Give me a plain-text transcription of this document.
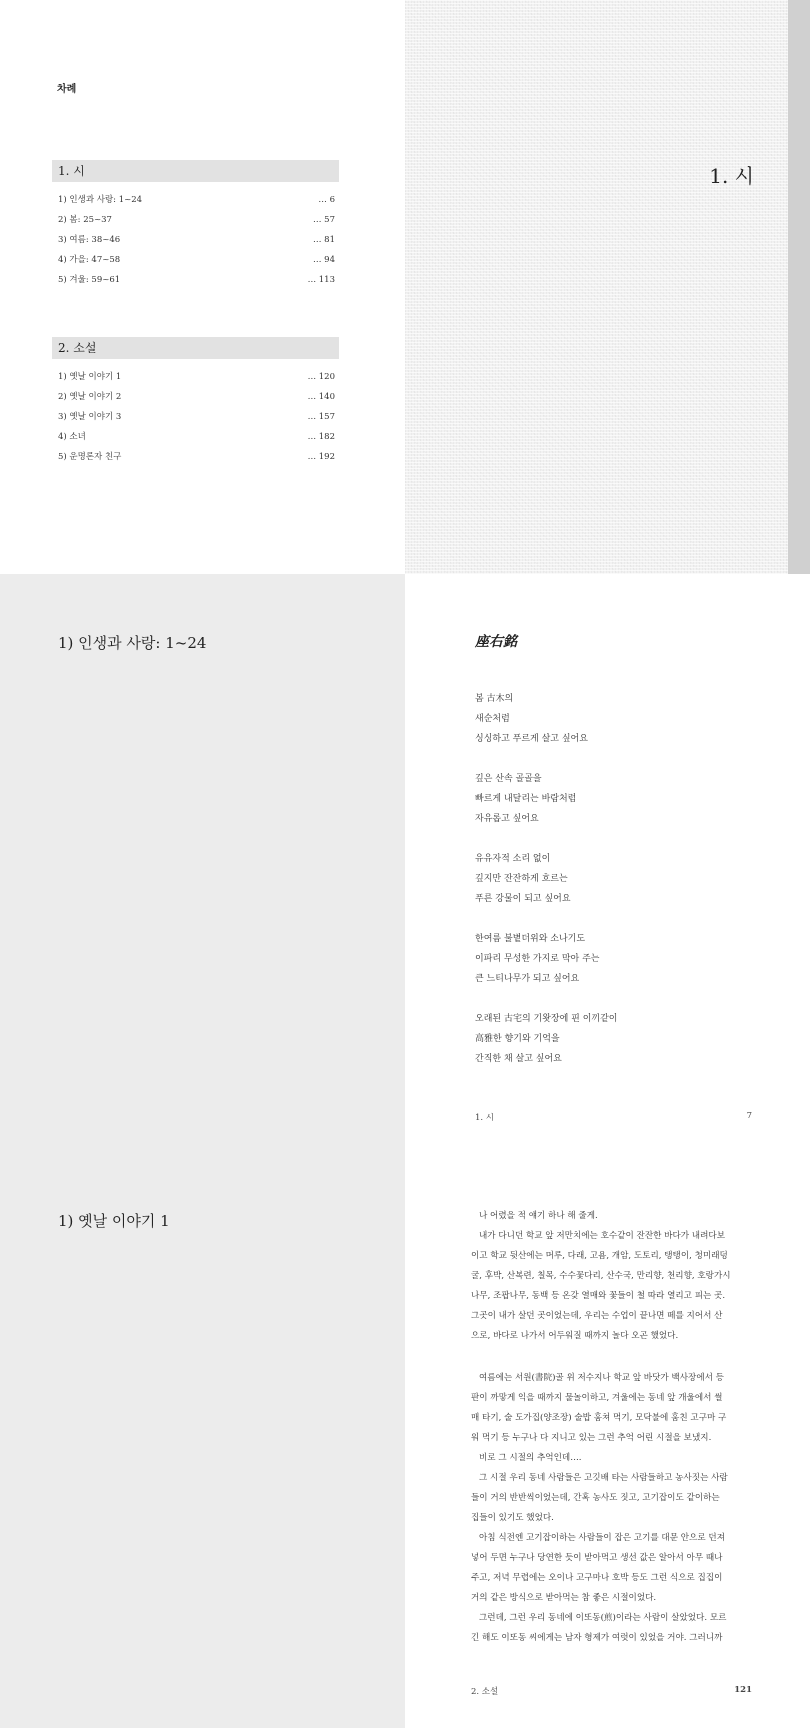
차례
1. 시
1) 인생과 사랑: 1~24	… 6
2) 봄: 25~37	… 57
3) 여름: 38~46	… 81
4) 가을: 47~58	… 94
5) 겨울: 59~61	… 113
2. 소설
1) 옛날 이야기 1	… 120
2) 옛날 이야기 2	… 140
3) 옛날 이야기 3	… 157
4) 소녀	… 182
5) 운명론자 친구	… 192
1. 시
1) 인생과 사랑: 1~24	座右銘
봄 古木의
새순처럼
싱싱하고 푸르게 살고 싶어요
깊은 산속 골골을
빠르게 내달리는 바람처럼
자유롭고 싶어요
유유자적 소리 없이
깊지만 잔잔하게 흐르는
푸른 강물이 되고 싶어요
한여름 불볕더위와 소나기도
이파리 무성한 가지로 막아 주는
큰 느티나무가 되고 싶어요
오래된 古宅의 기왓장에 핀 이끼같이
高雅한 향기와 기억을
간직한 채 살고 싶어요
1. 시	7
1) 옛날 이야기 1	나 어렸을 적 얘기 하나 해 줄게.
내가 다니던 학교 앞 저만치에는 호수같이 잔잔한 바다가 내려다보
이고 학교 뒷산에는 머루, 다래, 고욤, 개암, 도토리, 탱탱이, 청미래덩
굴, 후박, 산복련, 칠목, 수수꽃다리, 산수국, 만리향, 천리향, 호랑가시
나무, 조팝나무, 동백 등 온갖 열매와 꽃들이 철 따라 열리고 피는 곳.
그곳이 내가 살던 곳이었는데, 우리는 수업이 끝나면 떼를 지어서 산
으로, 바다로 나가서 어두워질 때까지 놀다 오곤 했었다.

여름에는 서원(書院)골 위 저수지나 학교 앞 바닷가 백사장에서 등
판이 까맣게 익을 때까지 물놀이하고, 겨울에는 동네 앞 개울에서 썰
매 타기, 술 도가집(양조장) 술밥 훔쳐 먹기, 모닥불에 훔친 고구마 구
워 먹기 등 누구나 다 지니고 있는 그런 추억 어린 시절을 보냈지.
비로 그 시절의 추억인데….
그 시절 우리 동네 사람들은 고깃배 타는 사람들하고 농사짓는 사람
들이 거의 반반씩이었는데, 간혹 농사도 짓고, 고기잡이도 같이하는
집들이 있기도 했었다.
아침 식전엔 고기잡이하는 사람들이 잡은 고기를 대문 안으로 던져
넣어 두면 누구나 당연한 듯이 받아먹고 생선 값은 알아서 아무 때나
주고, 저녁 무렵에는 오이나 고구마나 호박 등도 그런 식으로 집집이
거의 같은 방식으로 받아먹는 참 좋은 시절이었다.
그런데, 그런 우리 동네에 이또동(煎)이라는 사람이 살았었다. 모르
긴 해도 이또동 씨에게는 남자 형제가 여럿이 있었을 거야. 그러니까

2. 소설	121
